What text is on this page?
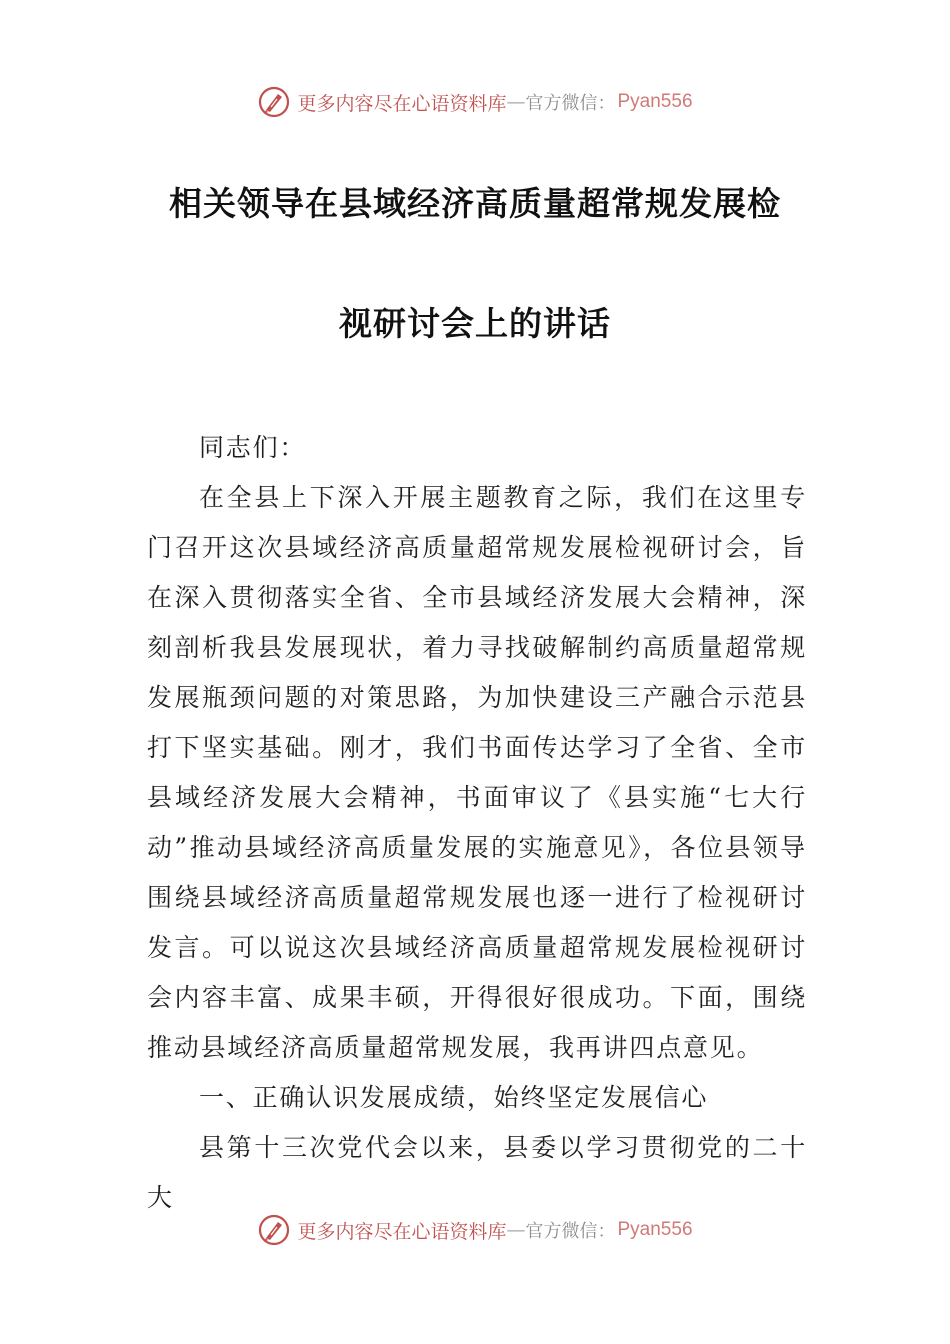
更多内容尽在心语资料库 — 官方微信： Pyan556
相关领导在县域经济高质量超常规发展检
视研讨会上的讲话

同志们：

在全县上下深入开展主题教育之际，我们在这里专门召开这次县域经济高质量超常规发展检视研讨会，旨在深入贯彻落实全省、全市县域经济发展大会精神，深刻剖析我县发展现状，着力寻找破解制约高质量超常规发展瓶颈问题的对策思路，为加快建设三产融合示范县打下坚实基础。刚才，我们书面传达学习了全省、全市县域经济发展大会精神，书面审议了《县实施“七大行动”推动县域经济高质量发展的实施意见》，各位县领导围绕县域经济高质量超常规发展也逐一进行了检视研讨发言。可以说这次县域经济高质量超常规发展检视研讨会内容丰富、成果丰硕，开得很好很成功。下面，围绕推动县域经济高质量超常规发展，我再讲四点意见。

一、正确认识发展成绩，始终坚定发展信心

县第十三次党代会以来，县委以学习贯彻党的二十大

更多内容尽在心语资料库 — 官方微信： Pyan556
